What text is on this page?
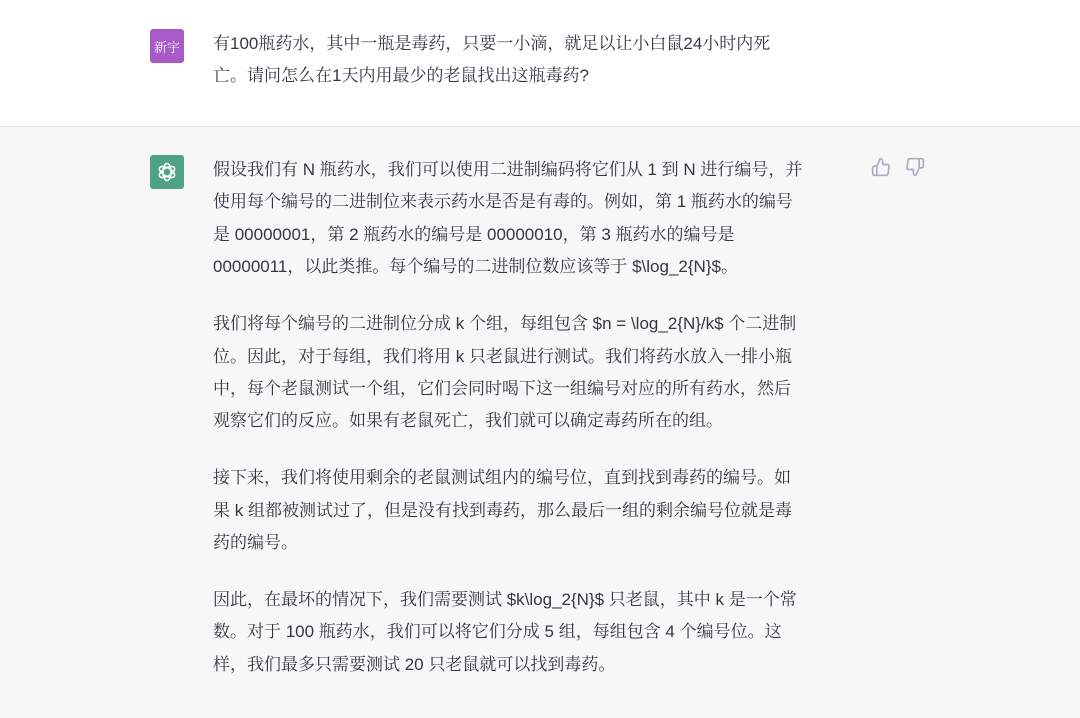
新宇 有100瓶药水，其中一瓶是毒药，只要一小滴，就足以让小白鼠24小时内死
亡。请问怎么在1天内用最少的老鼠找出这瓶毒药?
假设我们有 N 瓶药水，我们可以使用二进制编码将它们从 1 到 N 进行编号，并
使用每个编号的二进制位来表示药水是否是有毒的。例如，第 1 瓶药水的编号
是 00000001，第 2 瓶药水的编号是 00000010，第 3 瓶药水的编号是
00000011，以此类推。每个编号的二进制位数应该等于 $\log_2{N}$。
我们将每个编号的二进制位分成 k 个组，每组包含 $n = \log_2{N}/k$ 个二进制
位。因此，对于每组，我们将用 k 只老鼠进行测试。我们将药水放入一排小瓶
中，每个老鼠测试一个组，它们会同时喝下这一组编号对应的所有药水，然后
观察它们的反应。如果有老鼠死亡，我们就可以确定毒药所在的组。
接下来，我们将使用剩余的老鼠测试组内的编号位，直到找到毒药的编号。如
果 k 组都被测试过了，但是没有找到毒药，那么最后一组的剩余编号位就是毒
药的编号。
因此，在最坏的情况下，我们需要测试 $k\log_2{N}$ 只老鼠，其中 k 是一个常
数。对于 100 瓶药水，我们可以将它们分成 5 组，每组包含 4 个编号位。这
样，我们最多只需要测试 20 只老鼠就可以找到毒药。
